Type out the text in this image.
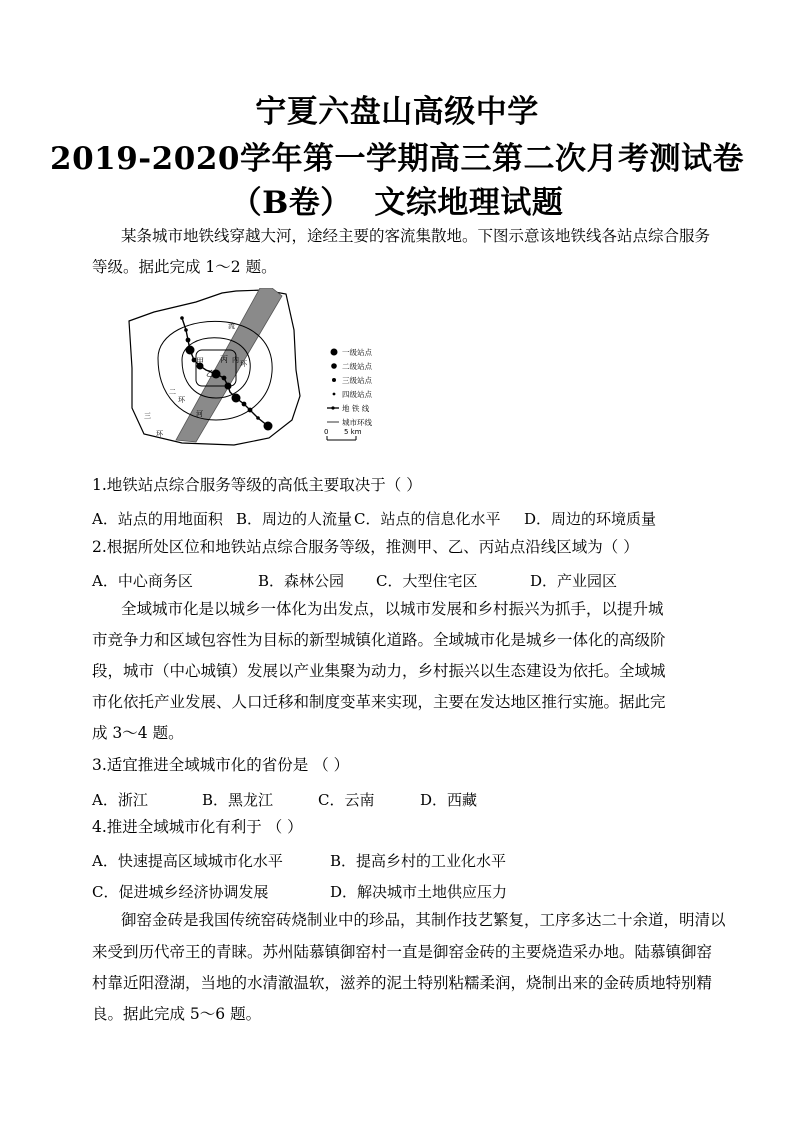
宁夏六盘山高级中学
2019-2020学年第一学期高三第二次月考测试卷
（B卷） 文综地理试题
某条城市地铁线穿越大河，途经主要的客流集散地。下图示意该地铁线各站点综合服务
等级。据此完成 1～2 题。
甲
乙
丙 内 环
河
流
二
环
三
环
一级站点
二级站点
三级站点
四级站点
地 铁 线
城市环线
0 5 km
1.地铁站点综合服务等级的高低主要取决于（ ）
A．站点的用地面积 B．周边的人流量 C．站点的信息化水平 D．周边的环境质量
2.根据所处区位和地铁站点综合服务等级，推测甲、乙、丙站点沿线区域为（ ）
A．中心商务区	B．森林公园 C．大型住宅区	D．产业园区
全域城市化是以城乡一体化为出发点，以城市发展和乡村振兴为抓手，以提升城
市竞争力和区域包容性为目标的新型城镇化道路。全域城市化是城乡一体化的高级阶
段，城市（中心城镇）发展以产业集聚为动力，乡村振兴以生态建设为依托。全域城
市化依托产业发展、人口迁移和制度变革来实现，主要在发达地区推行实施。据此完
成 3～4 题。
3.适宜推进全域城市化的省份是 （ ）
A．浙江	B．黑龙江	C．云南	D．西藏
4.推进全域城市化有利于 （ ）
A．快速提高区域城市化水平	B．提高乡村的工业化水平
C．促进城乡经济协调发展	D．解决城市土地供应压力
御窑金砖是我国传统窑砖烧制业中的珍品，其制作技艺繁复，工序多达二十余道，明清以
来受到历代帝王的青睐。苏州陆慕镇御窑村一直是御窑金砖的主要烧造采办地。陆慕镇御窑
村靠近阳澄湖，当地的水清澈温软，滋养的泥土特别粘糯柔润，烧制出来的金砖质地特别精
良。据此完成 5～6 题。
